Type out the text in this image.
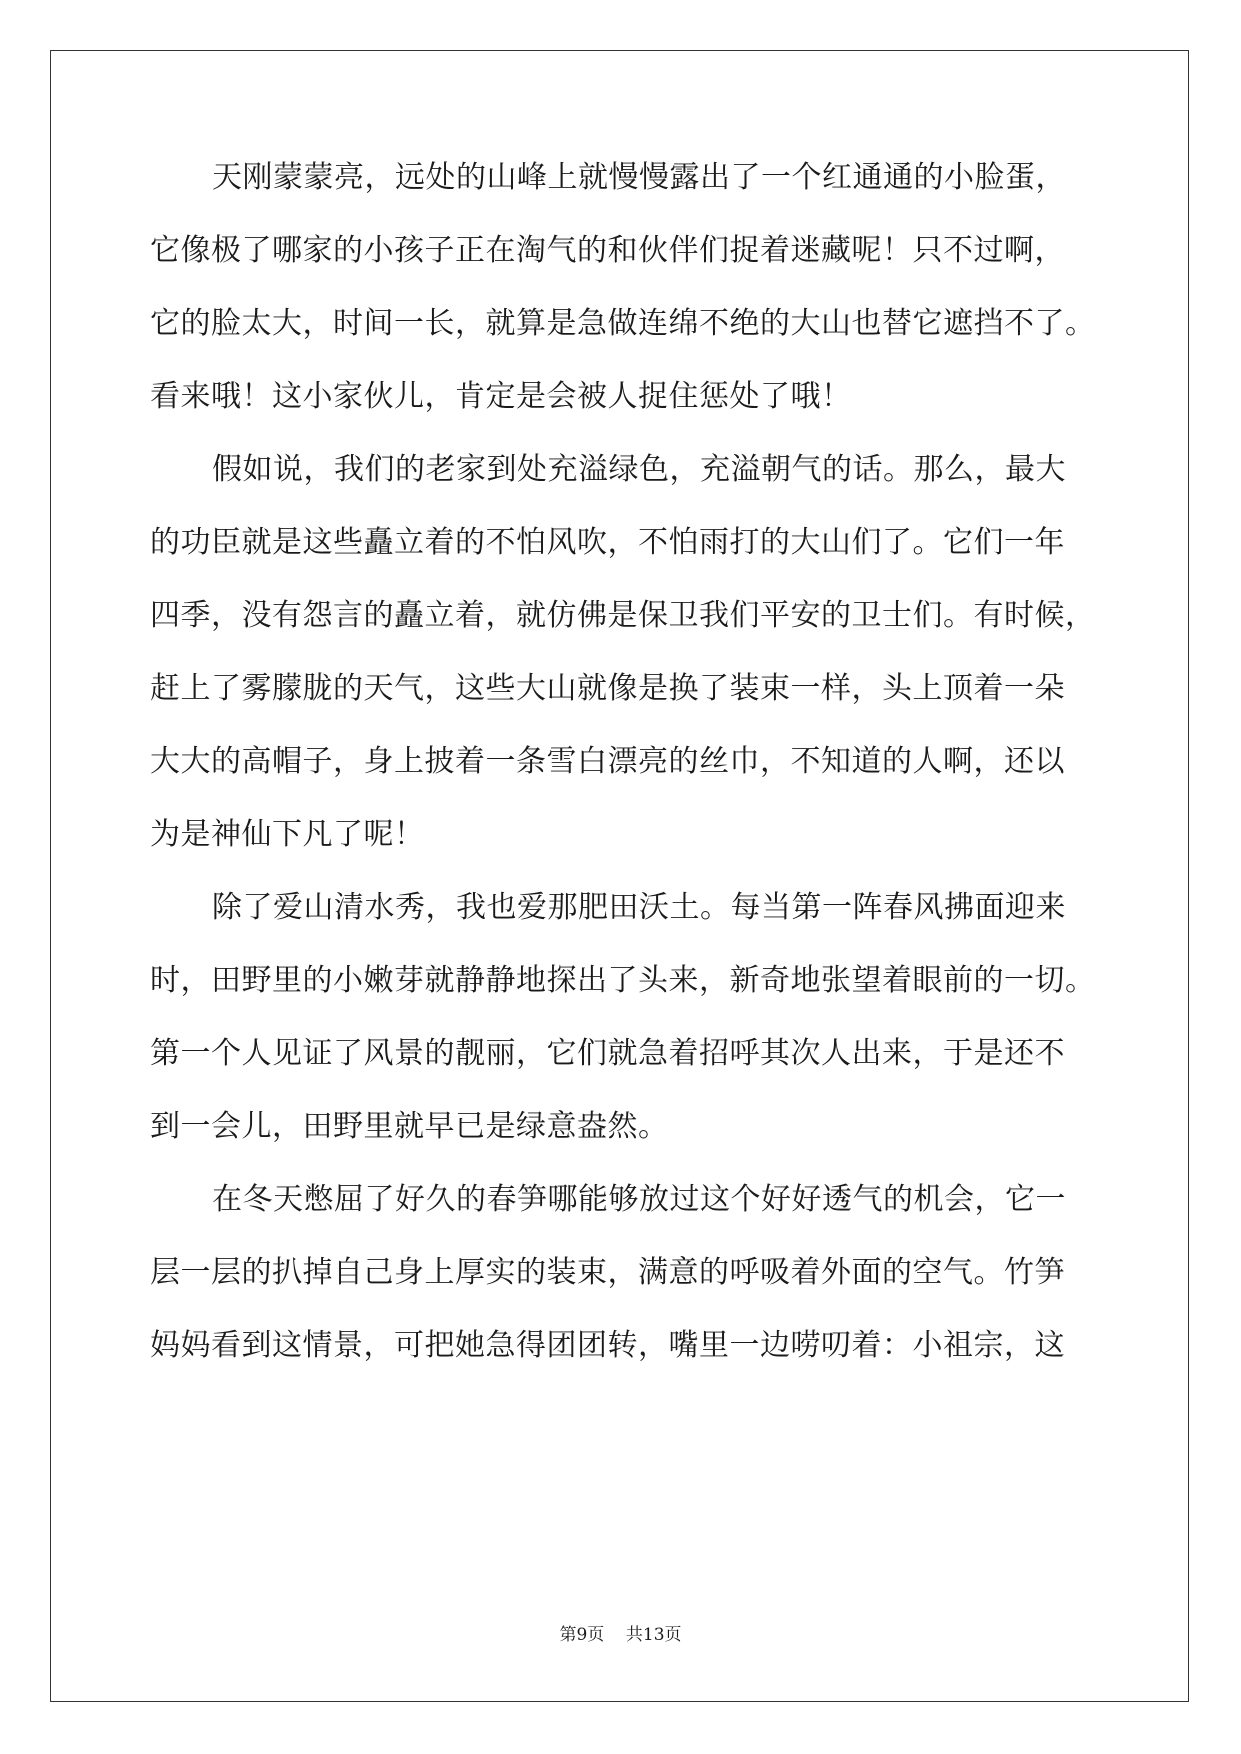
天刚蒙蒙亮，远处的山峰上就慢慢露出了一个红通通的小脸蛋，
它像极了哪家的小孩子正在淘气的和伙伴们捉着迷藏呢！只不过啊，
它的脸太大，时间一长，就算是急做连绵不绝的大山也替它遮挡不了。
看来哦！这小家伙儿，肯定是会被人捉住惩处了哦！
假如说，我们的老家到处充溢绿色，充溢朝气的话。那么，最大
的功臣就是这些矗立着的不怕风吹，不怕雨打的大山们了。它们一年
四季，没有怨言的矗立着，就仿佛是保卫我们平安的卫士们。有时候，
赶上了雾朦胧的天气，这些大山就像是换了装束一样，头上顶着一朵
大大的高帽子，身上披着一条雪白漂亮的丝巾，不知道的人啊，还以
为是神仙下凡了呢！
除了爱山清水秀，我也爱那肥田沃土。每当第一阵春风拂面迎来
时，田野里的小嫩芽就静静地探出了头来，新奇地张望着眼前的一切。
第一个人见证了风景的靓丽，它们就急着招呼其次人出来，于是还不
到一会儿，田野里就早已是绿意盎然。
在冬天憋屈了好久的春笋哪能够放过这个好好透气的机会，它一
层一层的扒掉自己身上厚实的装束，满意的呼吸着外面的空气。竹笋
妈妈看到这情景，可把她急得团团转，嘴里一边唠叨着：小祖宗，这
第9页    共13页
